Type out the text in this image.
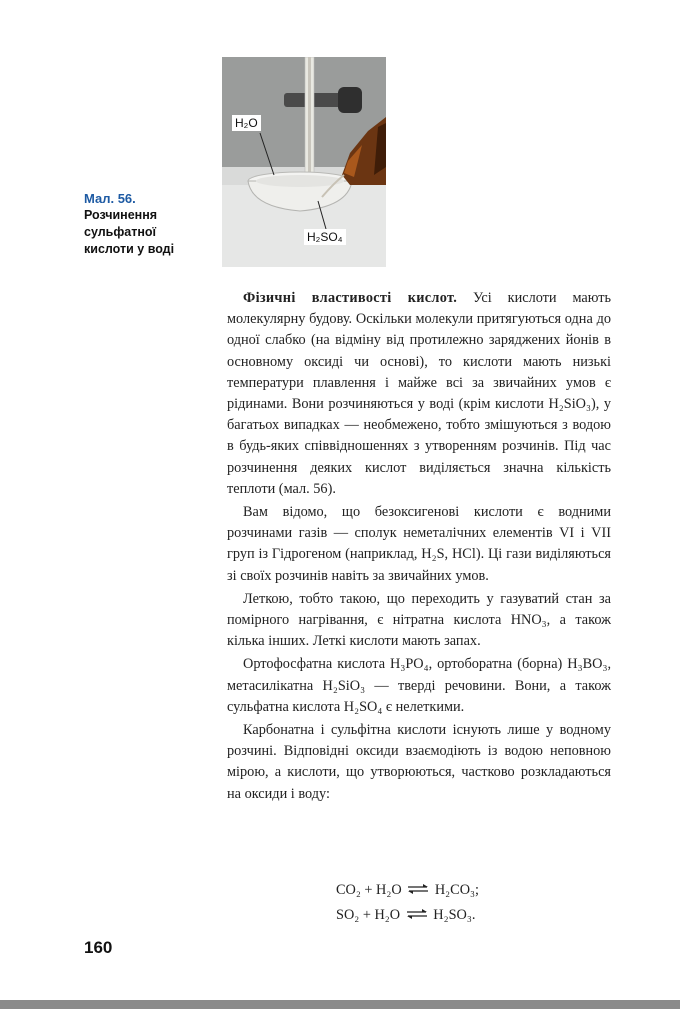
H₂O
H₂SO₄
Мал. 56.
Розчинення сульфатної кислоти у воді

Фізичні властивості кислот. Усі кислоти мають молекулярну будову. Оскільки молекули притягуються одна до одної слабко (на відміну від протилежно заряджених йонів в основному оксиді чи основі), то кислоти мають низькі температури плавлення і майже всі за звичайних умов є рідинами. Вони розчиняються у воді (крім кислоти H₂SiO₃), у багатьох випадках — необмежено, тобто змішуються з водою в будь-яких співвідношеннях з утворенням розчинів. Під час розчинення деяких кислот виділяється значна кількість теплоти (мал. 56).

Вам відомо, що безоксигенові кислоти є водними розчинами газів — сполук неметалічних елементів VI і VII груп із Гідрогеном (наприклад, H₂S, HCl). Ці гази виділяються зі своїх розчинів навіть за звичайних умов.

Леткою, тобто такою, що переходить у газуватий стан за помірного нагрівання, є нітратна кислота HNO₃, а також кілька інших. Леткі кислоти мають запах.

Ортофосфатна кислота H₃PO₄, ортоборатна (борна) H₃BO₃, метасилікатна H₂SiO₃ — тверді речовини. Вони, а також сульфатна кислота H₂SO₄ є нелеткими.

Карбонатна і сульфітна кислоти існують лише у водному розчині. Відповідні оксиди взаємодіють із водою неповною мірою, а кислоти, що утворюються, частково розкладаються на оксиди і воду:

CO₂ + H₂O ⇌ H₂CO₃;
SO₂ + H₂O ⇌ H₂SO₃.
160
